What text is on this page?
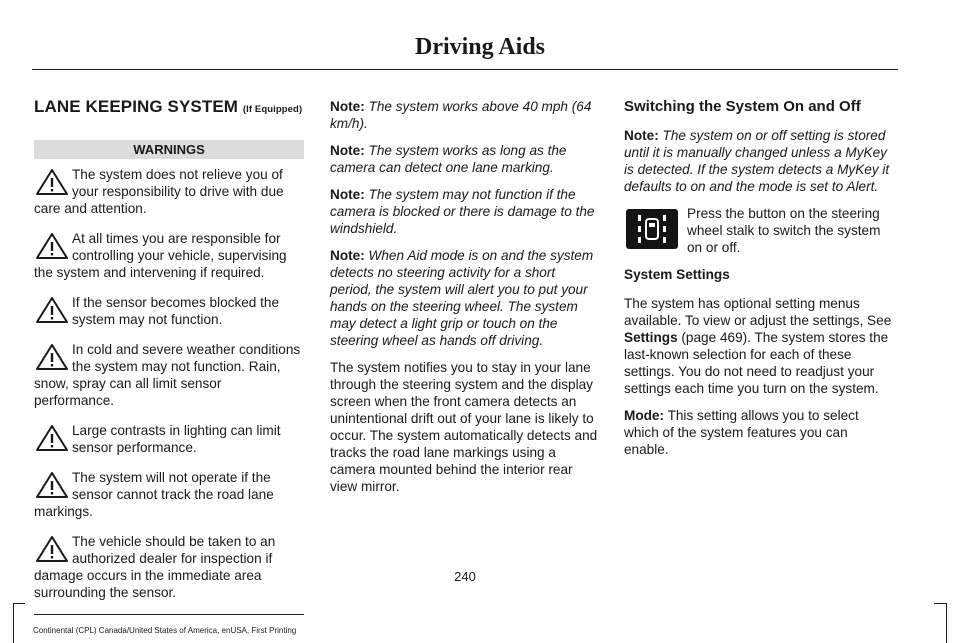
Driving Aids
LANE KEEPING SYSTEM (If Equipped)
WARNINGS

The system does not relieve you of your responsibility to drive with due care and attention.

At all times you are responsible for controlling your vehicle, supervising the system and intervening if required.

If the sensor becomes blocked the system may not function.

In cold and severe weather conditions the system may not function. Rain, snow, spray can all limit sensor performance.

Large contrasts in lighting can limit sensor performance.

The system will not operate if the sensor cannot track the road lane markings.

The vehicle should be taken to an authorized dealer for inspection if damage occurs in the immediate area surrounding the sensor.

Note: The system works above 40 mph (64 km/h).

Note: The system works as long as the camera can detect one lane marking.

Note: The system may not function if the camera is blocked or there is damage to the windshield.

Note: When Aid mode is on and the system detects no steering activity for a short period, the system will alert you to put your hands on the steering wheel. The system may detect a light grip or touch on the steering wheel as hands off driving.

The system notifies you to stay in your lane through the steering system and the display screen when the front camera detects an unintentional drift out of your lane is likely to occur. The system automatically detects and tracks the road lane markings using a camera mounted behind the interior rear view mirror.

Switching the System On and Off

Note: The system on or off setting is stored until it is manually changed unless a MyKey is detected. If the system detects a MyKey it defaults to on and the mode is set to Alert.

Press the button on the steering wheel stalk to switch the system on or off.

System Settings

The system has optional setting menus available. To view or adjust the settings, See Settings (page 469). The system stores the last-known selection for each of these settings. You do not need to readjust your settings each time you turn on the system.

Mode: This setting allows you to select which of the system features you can enable.

240
Continental (CPL) Canada/United States of America, enUSA, First Printing
